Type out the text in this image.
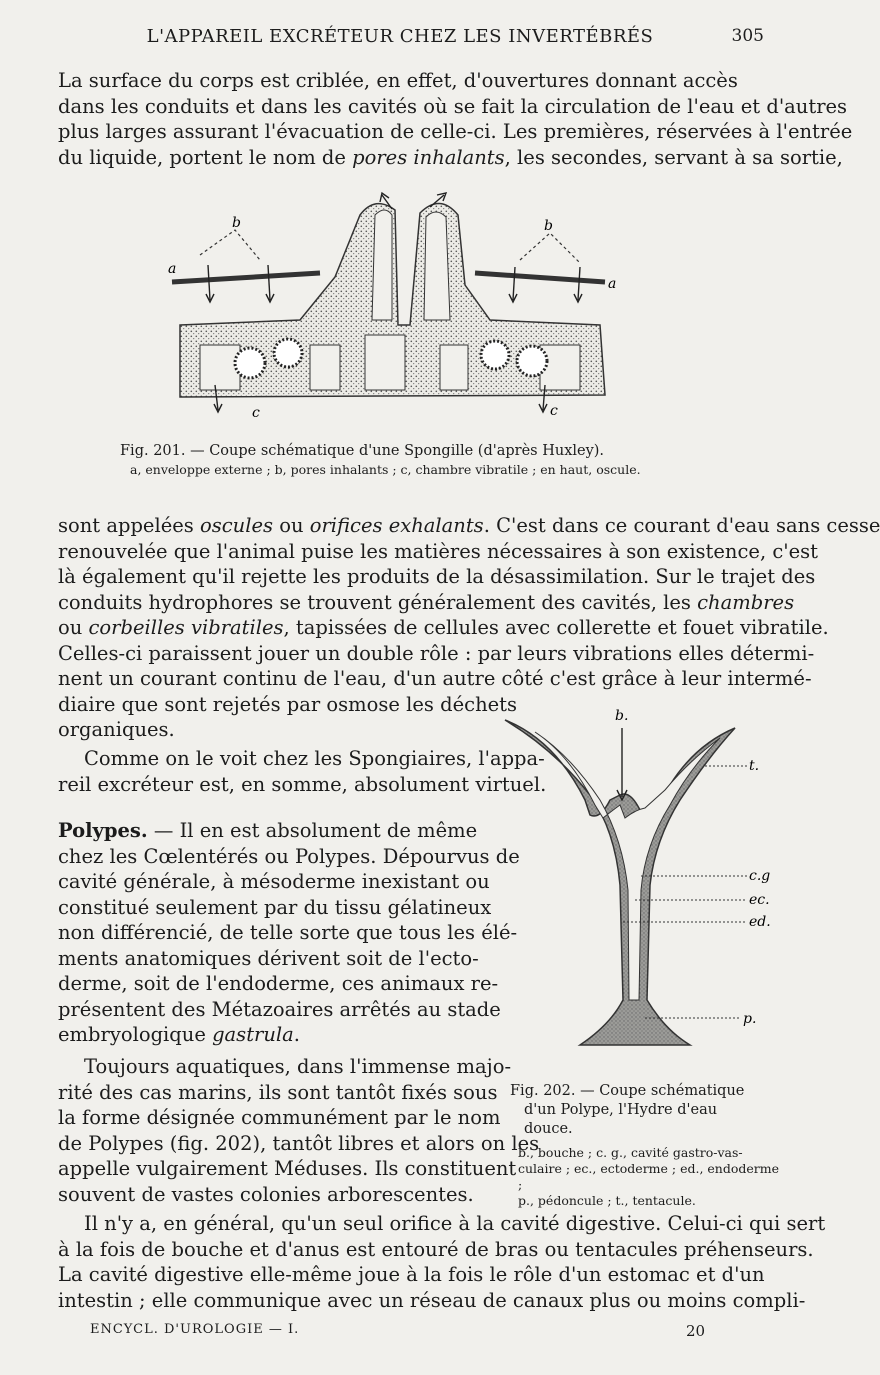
L'APPAREIL EXCRÉTEUR CHEZ LES INVERTÉBRÉS	305
La surface du corps est criblée, en effet, d'ouvertures donnant accès
dans les conduits et dans les cavités où se fait la circulation de l'eau et d'autres
plus larges assurant l'évacuation de celle-ci. Les premières, réservées à l'entrée
du liquide, portent le nom de pores inhalants, les secondes, servant à sa sortie,
a
a
b	b
c	c
Fig. 201. — Coupe schématique d'une Spongille (d'après Huxley).
a, enveloppe externe ; b, pores inhalants ; c, chambre vibratile ; en haut, oscule.
sont appelées oscules ou orifices exhalants. C'est dans ce courant d'eau sans cesse
renouvelée que l'animal puise les matières nécessaires à son existence, c'est
là également qu'il rejette les produits de la désassimilation. Sur le trajet des
conduits hydrophores se trouvent généralement des cavités, les chambres
ou corbeilles vibratiles, tapissées de cellules avec collerette et fouet vibratile.
Celles-ci paraissent jouer un double rôle : par leurs vibrations elles détermi-
nent un courant continu de l'eau, d'un autre côté c'est grâce à leur intermé-
diaire que sont rejetés par osmose les déchets
organiques.
Comme on le voit chez les Spongiaires, l'appa-
reil excréteur est, en somme, absolument virtuel.
Polypes. — Il en est absolument de même
chez les Cœlentérés ou Polypes. Dépourvus de
cavité générale, à mésoderme inexistant ou
constitué seulement par du tissu gélatineux
non différencié, de telle sorte que tous les élé-
ments anatomiques dérivent soit de l'ecto-
derme, soit de l'endoderme, ces animaux re-
présentent des Métazoaires arrêtés au stade
embryologique gastrula.
Toujours aquatiques, dans l'immense majo-
rité des cas marins, ils sont tantôt fixés sous
la forme désignée communément par le nom
de Polypes (fig. 202), tantôt libres et alors on les
appelle vulgairement Méduses. Ils constituent
souvent de vastes colonies arborescentes.
b.
t.
c.g
ec.
ed.
p.
Fig. 202. — Coupe schématique
d'un Polype, l'Hydre d'eau
douce.
b., bouche ; c. g., cavité gastro-vas-
culaire ; ec., ectoderme ; ed., endoderme ;
p., pédoncule ; t., tentacule.
Il n'y a, en général, qu'un seul orifice à la cavité digestive. Celui-ci qui sert
à la fois de bouche et d'anus est entouré de bras ou tentacules préhenseurs.
La cavité digestive elle-même joue à la fois le rôle d'un estomac et d'un
intestin ; elle communique avec un réseau de canaux plus ou moins compli-
ENCYCL. D'UROLOGIE — I.	20
